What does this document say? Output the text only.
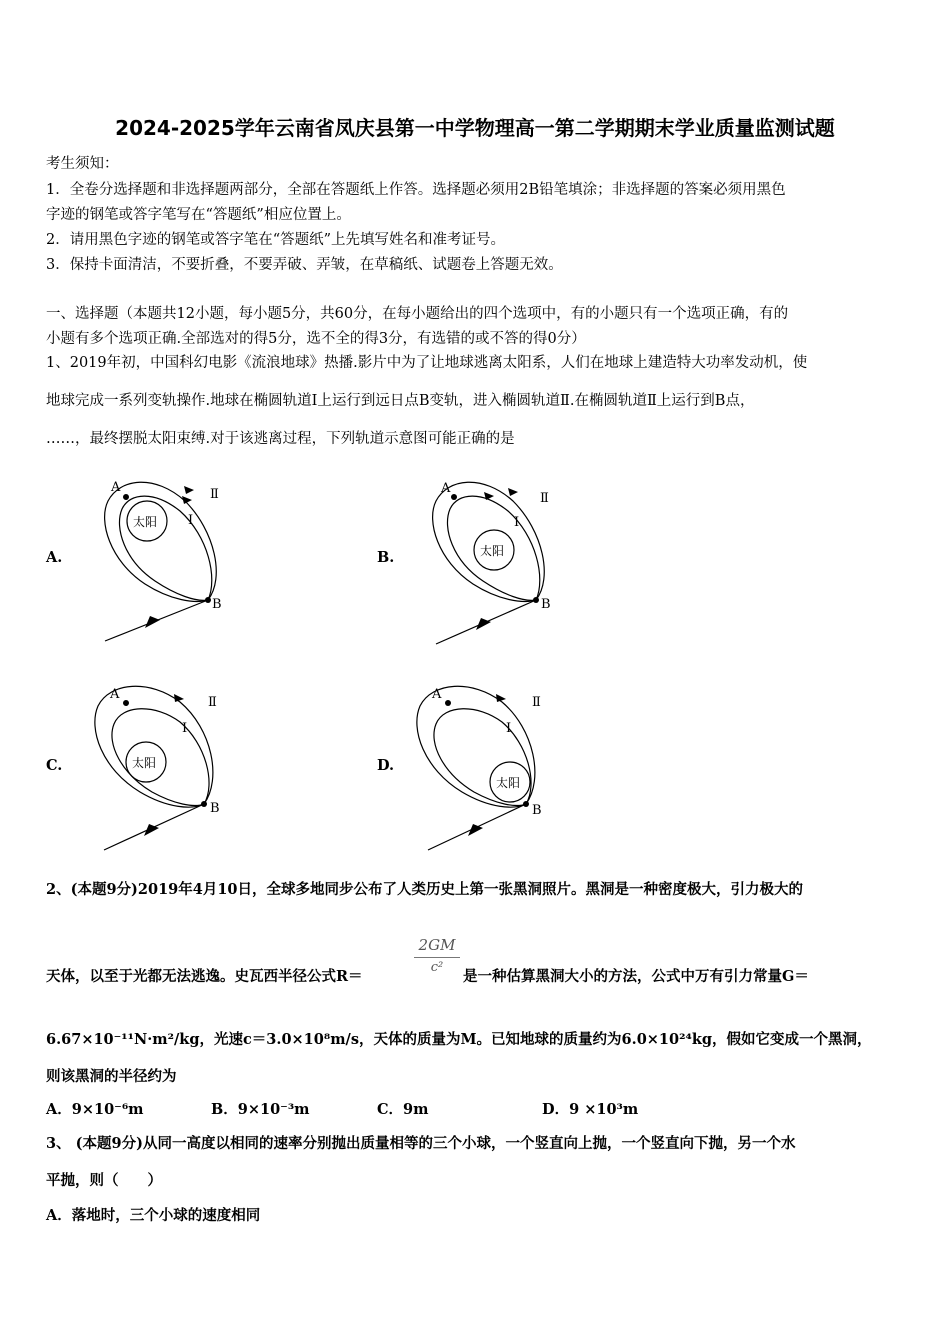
2024-2025学年云南省凤庆县第一中学物理高一第二学期期末学业质量监测试题
考生须知：
1．全卷分选择题和非选择题两部分，全部在答题纸上作答。选择题必须用2B铅笔填涂；非选择题的答案必须用黑色
字迹的钢笔或答字笔写在“答题纸”相应位置上。
2．请用黑色字迹的钢笔或答字笔在“答题纸”上先填写姓名和准考证号。
3．保持卡面清洁，不要折叠，不要弄破、弄皱，在草稿纸、试题卷上答题无效。
一、选择题（本题共12小题，每小题5分，共60分，在每小题给出的四个选项中，有的小题只有一个选项正确，有的
小题有多个选项正确.全部选对的得5分，选不全的得3分，有选错的或不答的得0分）
1、2019年初，中国科幻电影《流浪地球》热播.影片中为了让地球逃离太阳系，人们在地球上建造特大功率发动机，使
地球完成一系列变轨操作.地球在椭圆轨道Ⅰ上运行到远日点B变轨，进入椭圆轨道Ⅱ.在椭圆轨道Ⅱ上运行到B点，
……，最终摆脱太阳束缚.对于该逃离过程，下列轨道示意图可能正确的是
A.	B.
C.	D.
A
B
Ⅰ
Ⅱ
太阳
A
B
Ⅰ
Ⅱ
太阳
A
B
Ⅰ
Ⅱ
太阳
A
B
Ⅰ
Ⅱ
太阳
2、(本题9分)2019年4月10日，全球多地同步公布了人类历史上第一张黑洞照片。黑洞是一种密度极大，引力极大的
天体，以至于光都无法逃逸。史瓦西半径公式R＝
$\frac{2GM}{\text{c²}}$
是一种估算黑洞大小的方法，公式中万有引力常量G＝
6.67×10⁻¹¹N·m²/kg，光速c＝3.0×10⁸m/s，天体的质量为M。已知地球的质量约为6.0×10²⁴kg，假如它变成一个黑洞，
则该黑洞的半径约为
A．9×10⁻⁶m	B．9×10⁻³m	C．9m	D．9 ×10³m
3、 (本题9分)从同一高度以相同的速率分别抛出质量相等的三个小球，一个竖直向上抛，一个竖直向下抛，另一个水
平抛，则（　　）
A．落地时，三个小球的速度相同
